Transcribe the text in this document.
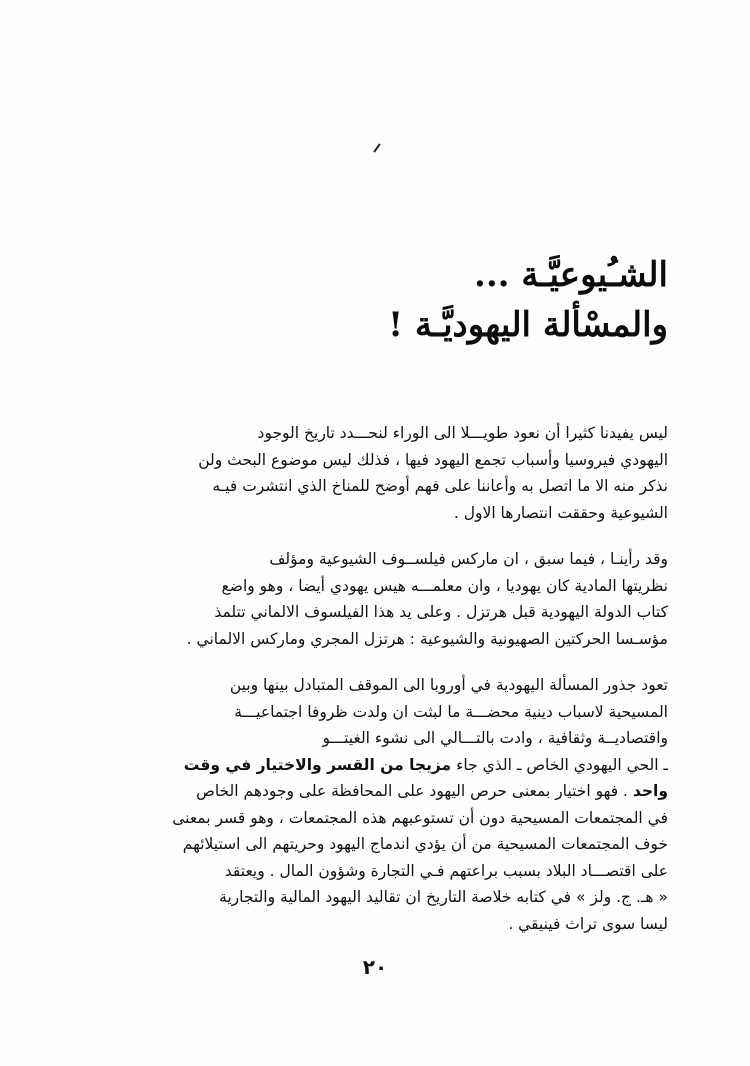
الشـُيوعيَّـة ...
والمسْألة اليهوديَّـة !

ليس يفيدنا كثيرا أن نعود طويـــلا الى الوراء لنحـــدد تاريخ الوجود
اليهودي فيروسيا وأسباب تجمع اليهود فيها ، فذلك ليس موضوع البحث ولن
نذكر منه الا ما اتصل به وأعاننا على فهم أوضح للمناخ الذي انتشرت فيـه
الشيوعية وحققت انتصارها الاول .

وقد رأينـا ، فيما سبق ، ان ماركس فيلســوف الشيوعية ومؤلف
نظريتها المادية كان يهوديا ، وان معلمـــه هيس يهودي أيضا ، وهو واضع
كتاب الدولة اليهودية قبل هرتزل . وعلى يد هذا الفيلسوف الالماني تتلمذ
مؤسـسا الحركتين الصهيونية والشيوعية : هرتزل المجري وماركس الالماني .

تعود جذور المسألة اليهودية في أوروبا الى الموقف المتبادل بينها وبين
المسيحية لاسباب دينية محضـــة ما لبثت ان ولدت ظروفا اجتماعيـــة
واقتصاديــة وثقافية ، وادت بالتـــالي الى نشوء الغيتـــو
ـ الحي اليهودي الخاص ـ الذي جاء مزيجا من القسر والاختيار في وقت
واحد . فهو اختيار بمعنى حرص اليهود على المحافظة على وجودهم الخاص
في المجتمعات المسيحية دون أن تستوعبهم هذه المجتمعات ، وهو قسر بمعنى
خوف المجتمعات المسيحية من أن يؤدي اندماج اليهود وحريتهم الى استيلائهم
على اقتصـــاد البلاد بسبب براعتهم فـي التجارة وشؤون المال . ويعتقد
« هـ. ج. ولز » في كتابه خلاصة التاريخ ان تقاليد اليهود المالية والتجارية
ليسا سوى تراث فينيقي .

٢٠
